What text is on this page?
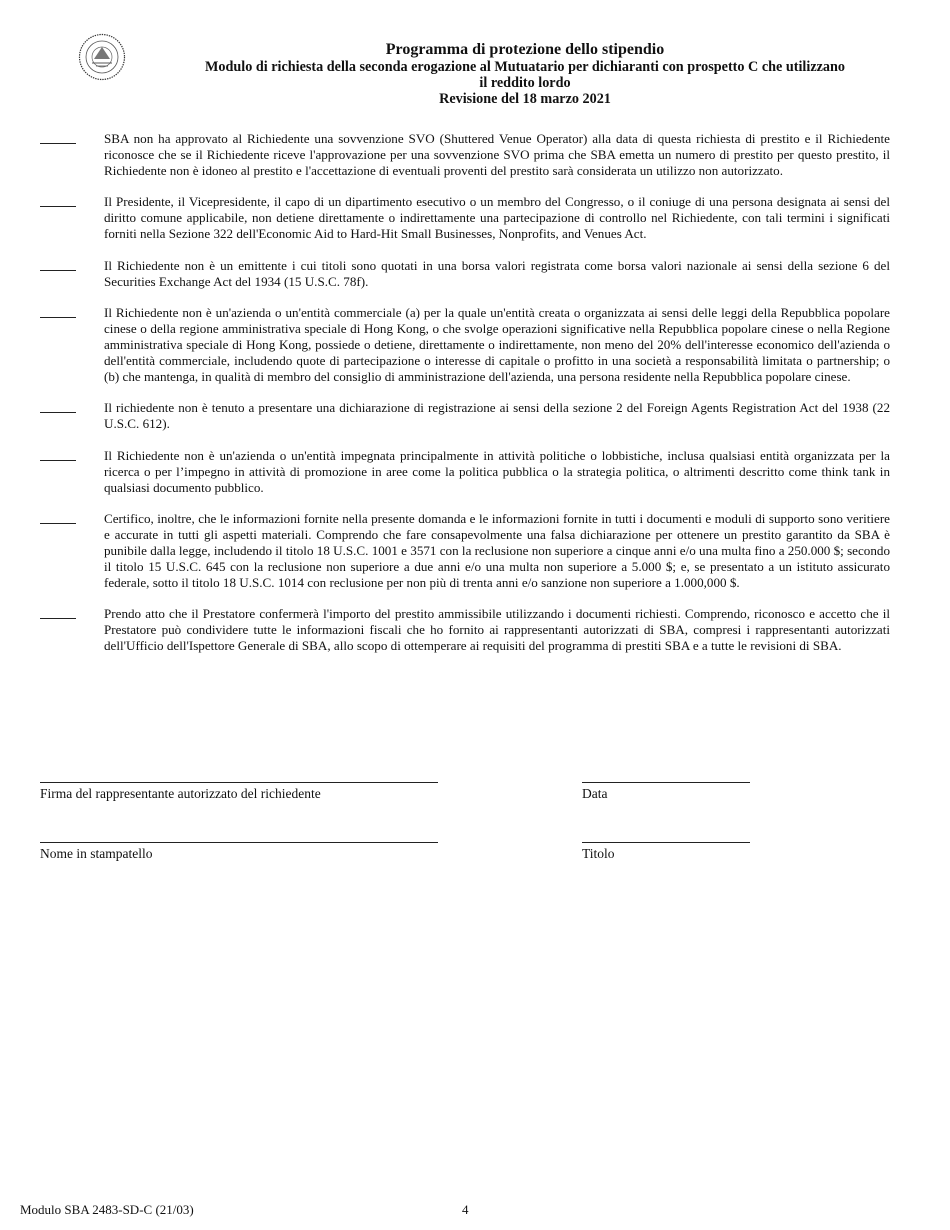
Programma di protezione dello stipendio
Modulo di richiesta della seconda erogazione al Mutuatario per dichiaranti con prospetto C che utilizzano
il reddito lordo
Revisione del 18 marzo 2021
SBA non ha approvato al Richiedente una sovvenzione SVO (Shuttered Venue Operator) alla data di questa richiesta di prestito e il Richiedente riconosce che se il Richiedente riceve l'approvazione per una sovvenzione SVO prima che SBA emetta un numero di prestito per questo prestito, il Richiedente non è idoneo al prestito e l'accettazione di eventuali proventi del prestito sarà considerata un utilizzo non autorizzato.
Il Presidente, il Vicepresidente, il capo di un dipartimento esecutivo o un membro del Congresso, o il coniuge di una persona designata ai sensi del diritto comune applicabile, non detiene direttamente o indirettamente una partecipazione di controllo nel Richiedente, con tali termini i significati forniti nella Sezione 322 dell'Economic Aid to Hard-Hit Small Businesses, Nonprofits, and Venues Act.
Il Richiedente non è un emittente i cui titoli sono quotati in una borsa valori registrata come borsa valori nazionale ai sensi della sezione 6 del Securities Exchange Act del 1934 (15 U.S.C. 78f).
Il Richiedente non è un'azienda o un'entità commerciale (a) per la quale un'entità creata o organizzata ai sensi delle leggi della Repubblica popolare cinese o della regione amministrativa speciale di Hong Kong, o che svolge operazioni significative nella Repubblica popolare cinese o nella Regione amministrativa speciale di Hong Kong, possiede o detiene, direttamente o indirettamente, non meno del 20% dell'interesse economico dell'azienda o dell'entità commerciale, includendo quote di partecipazione o interesse di capitale o profitto in una società a responsabilità limitata o partnership; o (b) che mantenga, in qualità di membro del consiglio di amministrazione dell'azienda, una persona residente nella Repubblica popolare cinese.
Il richiedente non è tenuto a presentare una dichiarazione di registrazione ai sensi della sezione 2 del Foreign Agents Registration Act del 1938 (22 U.S.C. 612).
Il Richiedente non è un'azienda o un'entità impegnata principalmente in attività politiche o lobbistiche, inclusa qualsiasi entità organizzata per la ricerca o per l’impegno in attività di promozione in aree come la politica pubblica o la strategia politica, o altrimenti descritto come think tank in qualsiasi documento pubblico.
Certifico, inoltre, che le informazioni fornite nella presente domanda e le informazioni fornite in tutti i documenti e moduli di supporto sono veritiere e accurate in tutti gli aspetti materiali. Comprendo che fare consapevolmente una falsa dichiarazione per ottenere un prestito garantito da SBA è punibile dalla legge, includendo il titolo 18 U.S.C. 1001 e 3571 con la reclusione non superiore a cinque anni e/o una multa fino a 250.000 $; secondo il titolo 15 U.S.C. 645 con la reclusione non superiore a due anni e/o una multa non superiore a 5.000 $; e, se presentato a un istituto assicurato federale, sotto il titolo 18 U.S.C. 1014 con reclusione per non più di trenta anni e/o sanzione non superiore a 1.000,000 $.
Prendo atto che il Prestatore confermerà l'importo del prestito ammissibile utilizzando i documenti richiesti. Comprendo, riconosco e accetto che il Prestatore può condividere tutte le informazioni fiscali che ho fornito ai rappresentanti autorizzati di SBA, compresi i rappresentanti autorizzati dell'Ufficio dell'Ispettore Generale di SBA, allo scopo di ottemperare ai requisiti del programma di prestiti SBA e a tutte le revisioni di SBA.
Firma del rappresentante autorizzato del richiedente	Data
Nome in stampatello	Titolo
Modulo SBA 2483-SD-C (21/03)	4
